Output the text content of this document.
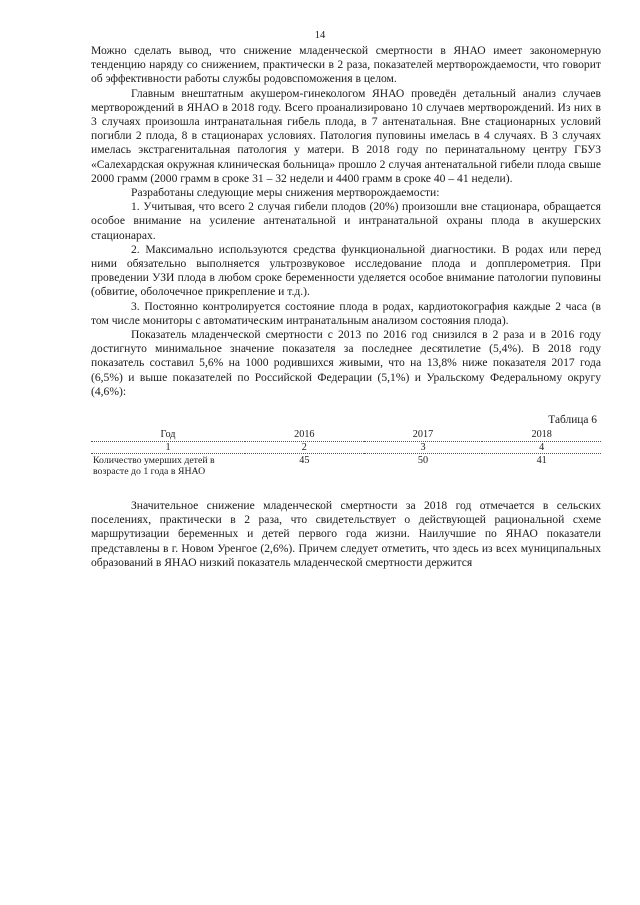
14

Можно сделать вывод, что снижение младенческой смертности в ЯНАО имеет закономерную тенденцию наряду со снижением, практически в 2 раза, показателей мертворождаемости, что говорит об эффективности работы службы родовспоможения в целом.

Главным внештатным акушером-гинекологом ЯНАО проведён детальный анализ случаев мертворождений в ЯНАО в 2018 году. Всего проанализировано 10 случаев мертворождений. Из них в 3 случаях произошла интранатальная гибель плода, в 7 антенатальная. Вне стационарных условий погибли 2 плода, 8 в стационарах условиях. Патология пуповины имелась в 4 случаях. В 3 случаях имелась экстрагенитальная патология у матери. В 2018 году по перинатальному центру ГБУЗ «Салехардская окружная клиническая больница» прошло 2 случая антенатальной гибели плода свыше 2000 грамм (2000 грамм в сроке 31 – 32 недели и 4400 грамм в сроке 40 – 41 недели).

Разработаны следующие меры снижения мертворождаемости:

1. Учитывая, что всего 2 случая гибели плодов (20%) произошли вне стационара, обращается особое внимание на усиление антенатальной и интранатальной охраны плода в акушерских стационарах.

2. Максимально используются средства функциональной диагностики. В родах или перед ними обязательно выполняется ультрозвуковое исследование плода и допплерометрия. При проведении УЗИ плода в любом сроке беременности уделяется особое внимание патологии пуповины (обвитие, оболочечное прикрепление и т.д.).

3. Постоянно контролируется состояние плода в родах, кардиотокография каждые 2 часа (в том числе мониторы с автоматическим интранатальным анализом состояния плода).

Показатель младенческой смертности с 2013 по 2016 год снизился в 2 раза и в 2016 году достигнуто минимальное значение показателя за последнее десятилетие (5,4%). В 2018 году показатель составил 5,6% на 1000 родившихся живыми, что на 13,8% ниже показателя 2017 года (6,5%) и выше показателей по Российской Федерации (5,1%) и Уральскому Федеральному округу (4,6%):

Таблица 6
Год	2016	2017	2018
1	2	3	4
Количество умерших детей в возрасте до 1 года в ЯНАО	45	50	41

Значительное снижение младенческой смертности за 2018 год отмечается в сельских поселениях, практически в 2 раза, что свидетельствует о действующей рациональной схеме маршрутизации беременных и детей первого года жизни. Наилучшие по ЯНАО показатели представлены в г. Новом Уренгое (2,6%). Причем следует отметить, что здесь из всех муниципальных образований в ЯНАО низкий показатель младенческой смертности держится
